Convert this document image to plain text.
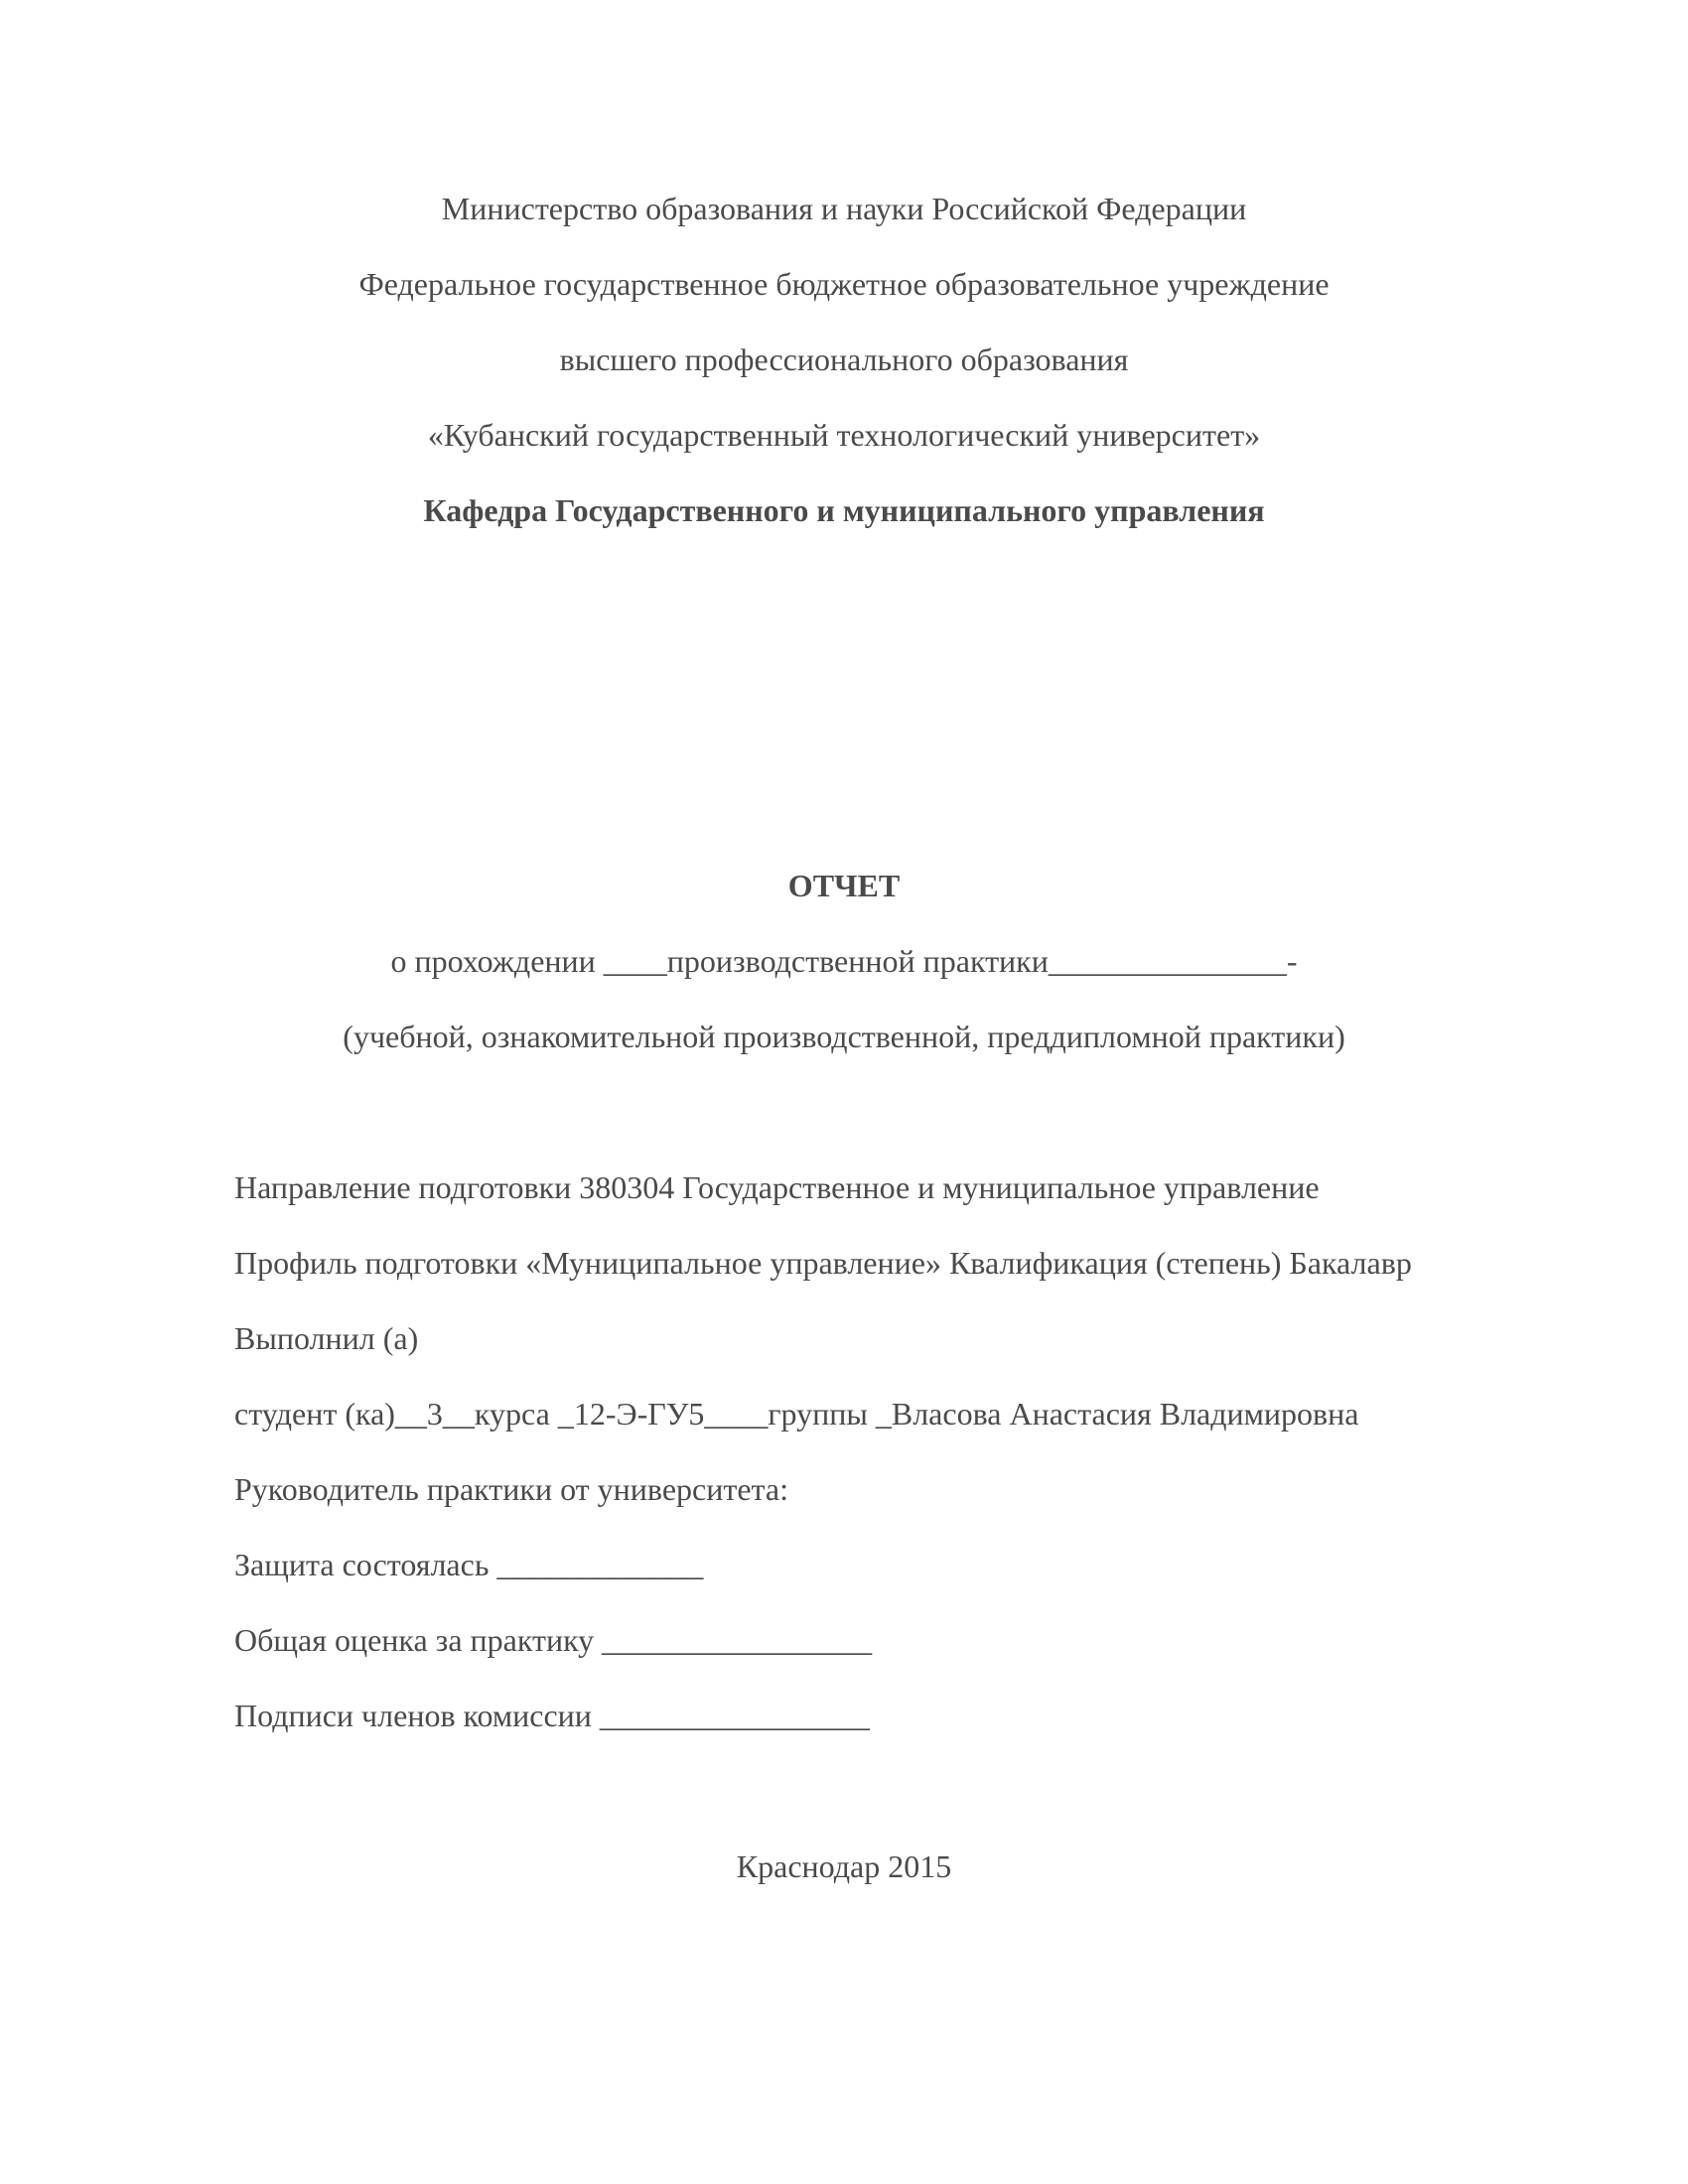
Министерство образования и науки Российской Федерации
Федеральное государственное бюджетное образовательное учреждение
высшего профессионального образования
«Кубанский государственный технологический университет»
Кафедра Государственного и муниципального управления
ОТЧЕТ
о прохождении ____производственной практики_______________-
(учебной, ознакомительной производственной, преддипломной практики)
Направление подготовки 380304 Государственное и муниципальное управление
Профиль подготовки «Муниципальное управление» Квалификация (степень) Бакалавр
Выполнил (а)
студент (ка)__3__курса _12-Э-ГУ5____группы _Власова Анастасия Владимировна
Руководитель практики от университета:
Защита состоялась _____________
Общая оценка за практику _________________
Подписи членов комиссии _________________
Краснодар 2015
